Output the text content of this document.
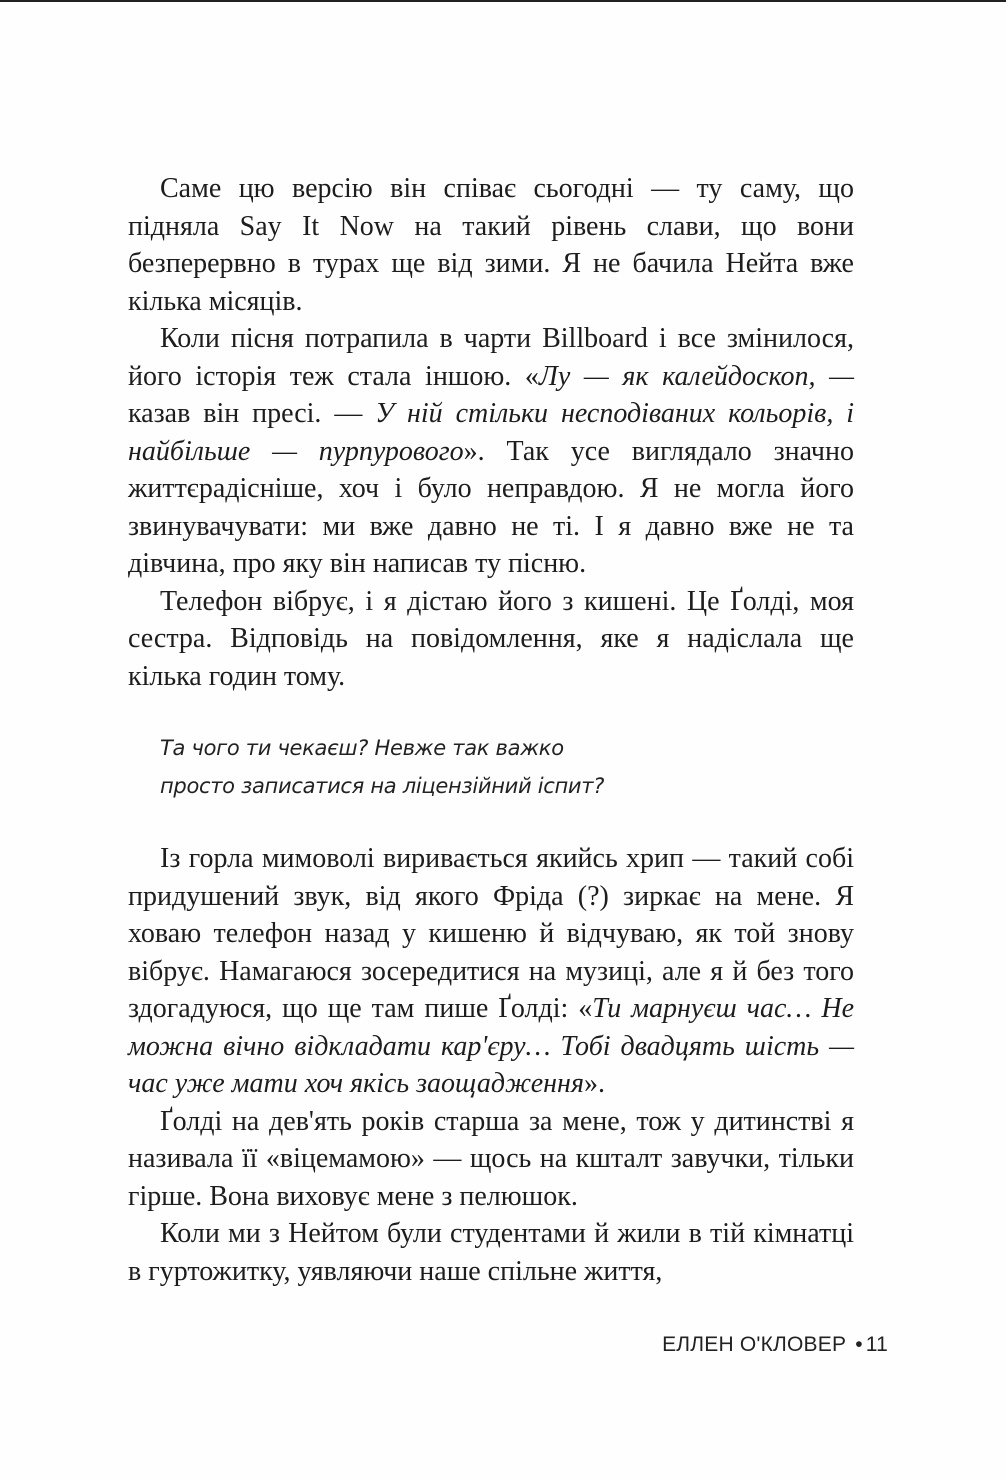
Саме цю версію він співає сьогодні — ту саму, що підняла Say It Now на такий рівень слави, що вони безперервно в турах ще від зими. Я не бачила Нейта вже кілька місяців.

Коли пісня потрапила в чарти Billboard і все змінилося, його історія теж стала іншою. «Лу — як калейдоскоп, — казав він пресі. — У ній стільки несподіваних кольорів, і найбільше — пурпурового». Так усе виглядало значно життєрадісніше, хоч і було неправдою. Я не могла його звинувачувати: ми вже давно не ті. І я давно вже не та дівчина, про яку він написав ту пісню.

Телефон вібрує, і я дістаю його з кишені. Це Ґолді, моя сестра. Відповідь на повідомлення, яке я надіслала ще кілька годин тому.

Та чого ти чекаєш? Невже так важко
просто записатися на ліцензійний іспит?

Із горла мимоволі виривається якийсь хрип — такий собі придушений звук, від якого Фріда (?) зиркає на мене. Я ховаю телефон назад у кишеню й відчуваю, як той знову вібрує. Намагаюся зосередитися на музиці, але я й без того здогадуюся, що ще там пише Ґолді: «Ти марнуєш час… Не можна вічно відкладати кар'єру… Тобі двадцять шість — час уже мати хоч якісь заощадження».

Ґолді на дев'ять років старша за мене, тож у дитинстві я називала її «віцемамою» — щось на кшталт завучки, тільки гірше. Вона виховує мене з пелюшок.

Коли ми з Нейтом були студентами й жили в тій кімнатці в гуртожитку, уявляючи наше спільне життя,

ЕЛЛЕН О'КЛОВЕР • 11
